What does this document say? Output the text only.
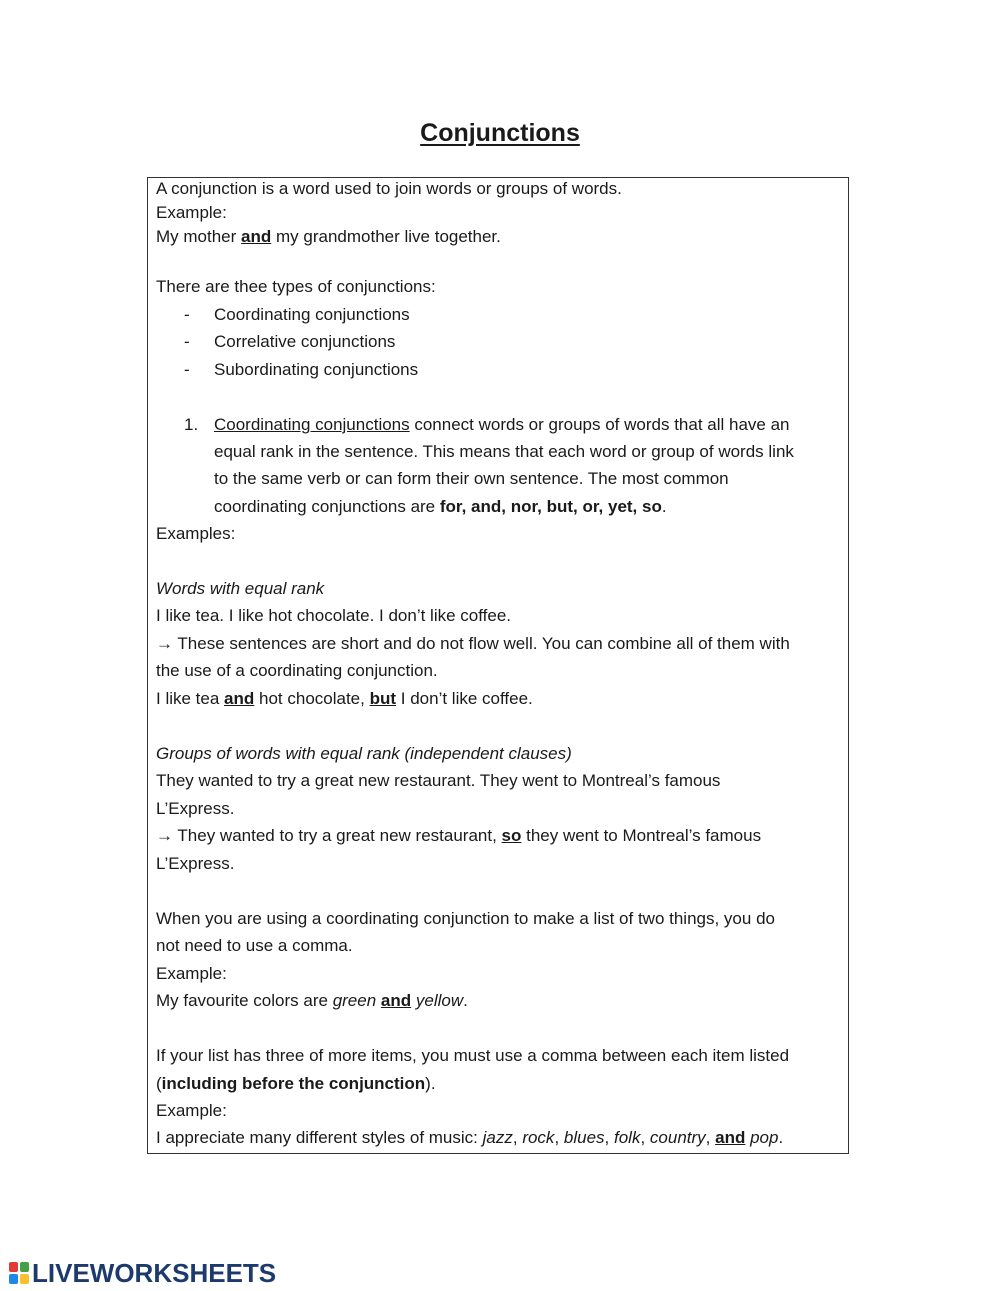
Conjunctions
A conjunction is a word used to join words or groups of words.
Example:
My mother and my grandmother live together.
There are thee types of conjunctions:
- Coordinating conjunctions
- Correlative conjunctions
- Subordinating conjunctions
1. Coordinating conjunctions connect words or groups of words that all have an
equal rank in the sentence. This means that each word or group of words link
to the same verb or can form their own sentence. The most common
coordinating conjunctions are for, and, nor, but, or, yet, so.
Examples:
Words with equal rank
I like tea. I like hot chocolate. I don’t like coffee.
→ These sentences are short and do not flow well. You can combine all of them with
the use of a coordinating conjunction.
I like tea and hot chocolate, but I don’t like coffee.
Groups of words with equal rank (independent clauses)
They wanted to try a great new restaurant. They went to Montreal’s famous
L’Express.
→ They wanted to try a great new restaurant, so they went to Montreal’s famous
L’Express.
When you are using a coordinating conjunction to make a list of two things, you do
not need to use a comma.
Example:
My favourite colors are green and yellow.
If your list has three of more items, you must use a comma between each item listed
(including before the conjunction).
Example:
I appreciate many different styles of music: jazz, rock, blues, folk, country, and pop.
LIVEWORKSHEETS
